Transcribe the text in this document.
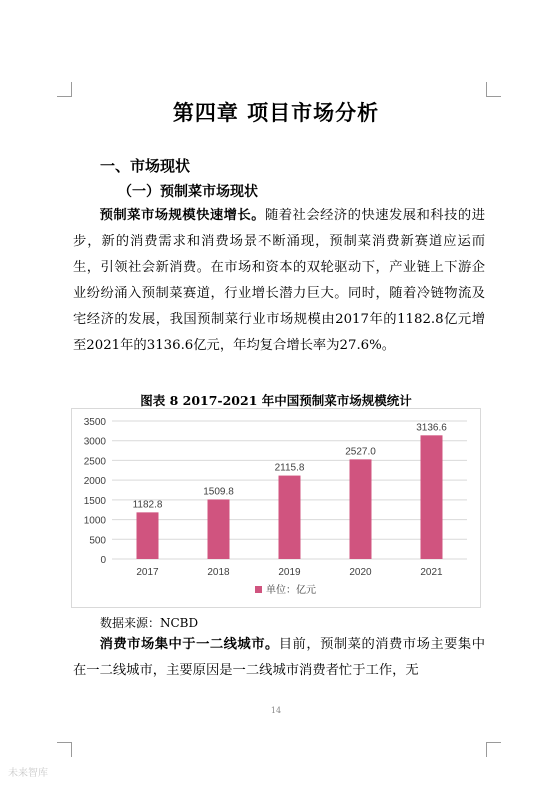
第四章 项目市场分析
一、市场现状
（一）预制菜市场现状

预制菜市场规模快速增长。随着社会经济的快速发展和科技的进步，新的消费需求和消费场景不断涌现，预制菜消费新赛道应运而生，引领社会新消费。在市场和资本的双轮驱动下，产业链上下游企业纷纷涌入预制菜赛道，行业增长潜力巨大。同时，随着冷链物流及宅经济的发展，我国预制菜行业市场规模由2017年的1182.8亿元增至2021年的3136.6亿元，年均复合增长率为27.6%。

图表 8 2017-2021 年中国预制菜市场规模统计
0
500
1000
1500
2000
2500
3000
3500
1182.8
2017
1509.8
2018
2115.8
2019
2527.0
2020
3136.6
2021
单位：亿元
数据来源：NCBD

消费市场集中于一二线城市。目前，预制菜的消费市场主要集中在一二线城市，主要原因是一二线城市消费者忙于工作，无

14
未来智库
